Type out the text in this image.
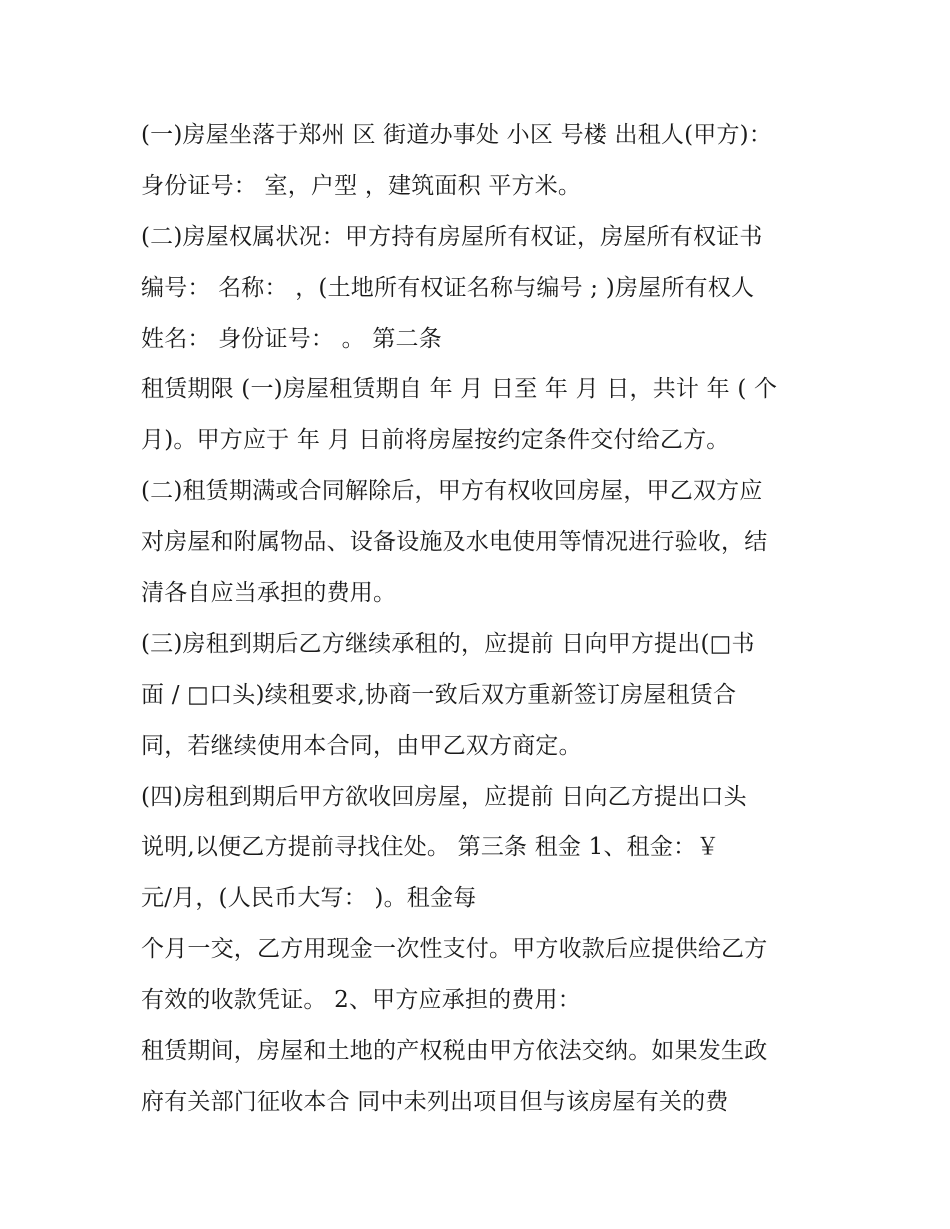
(一)房屋坐落于郑州 区 街道办事处 小区 号楼 出租人(甲方)：
身份证号： 室，户型 ，建筑面积 平方米。
(二)房屋权属状况：甲方持有房屋所有权证，房屋所有权证书
编号： 名称： ，(土地所有权证名称与编号 ; )房屋所有权人
姓名： 身份证号： 。 第二条
租赁期限 (一)房屋租赁期自 年 月 日至 年 月 日，共计 年 ( 个
月)。甲方应于 年 月 日前将房屋按约定条件交付给乙方。
(二)租赁期满或合同解除后，甲方有权收回房屋，甲乙双方应
对房屋和附属物品、设备设施及水电使用等情况进行验收，结
清各自应当承担的费用。
(三)房租到期后乙方继续承租的，应提前 日向甲方提出(□书
面 / □口头)续租要求,协商一致后双方重新签订房屋租赁合
同，若继续使用本合同，由甲乙双方商定。
(四)房租到期后甲方欲收回房屋，应提前 日向乙方提出口头
说明,以便乙方提前寻找住处。 第三条 租金 1、租金：￥
元/月，(人民币大写： )。租金每
个月一交，乙方用现金一次性支付。甲方收款后应提供给乙方
有效的收款凭证。 2、甲方应承担的费用：
租赁期间，房屋和土地的产权税由甲方依法交纳。如果发生政
府有关部门征收本合 同中未列出项目但与该房屋有关的费
